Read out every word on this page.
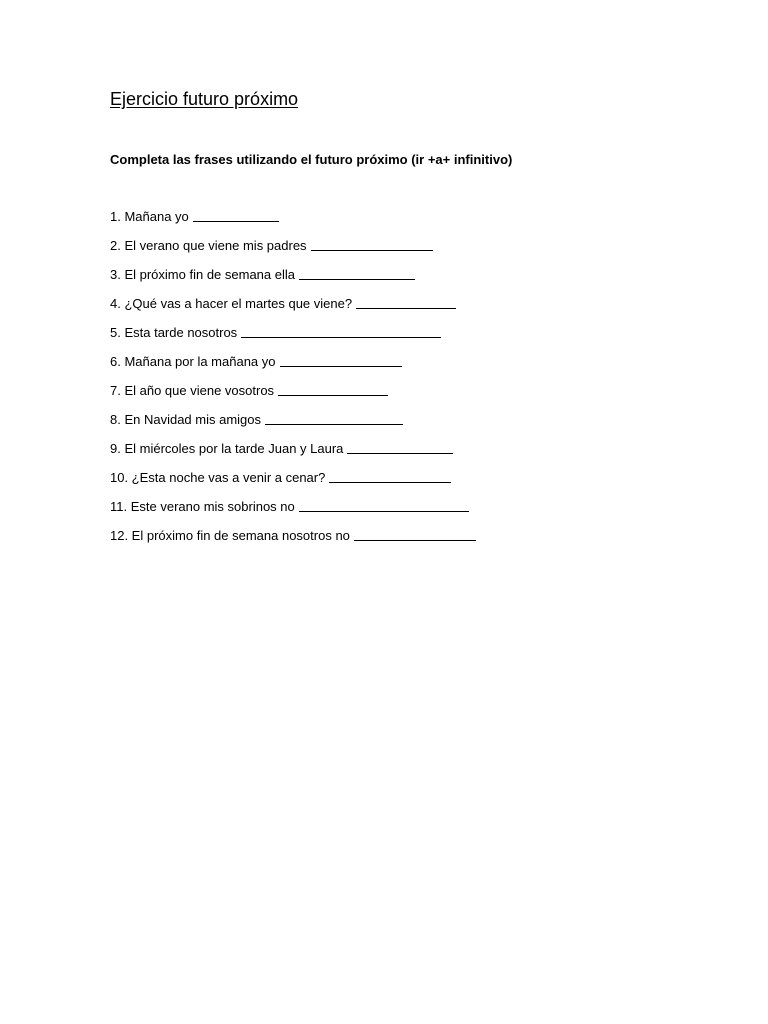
Ejercicio futuro próximo
Completa las frases utilizando el futuro próximo (ir +a+ infinitivo)
1. Mañana yo
2. El verano que viene mis padres
3. El próximo fin de semana ella
4. ¿Qué vas a hacer el martes que viene?
5. Esta tarde nosotros
6. Mañana por la mañana yo
7. El año que viene vosotros
8. En Navidad mis amigos
9. El miércoles por la tarde Juan y Laura
10. ¿Esta noche vas a venir a cenar?
11. Este verano mis sobrinos no
12. El próximo fin de semana nosotros no
